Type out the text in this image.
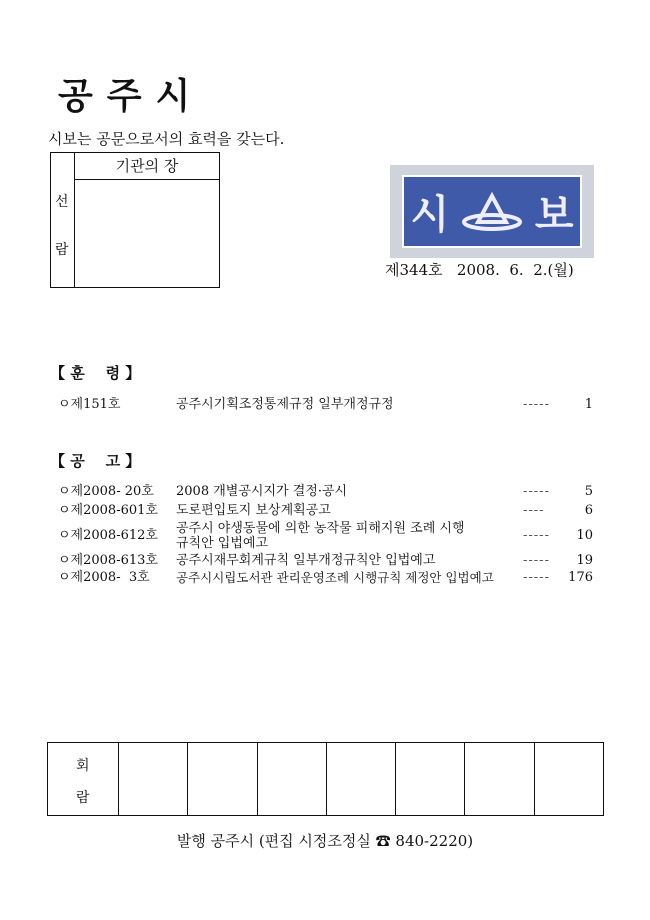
공주시
시보는 공문으로서의 효력을 갖는다.
선
람
기관의 장
시 보
제344호   2008.  6.  2.(월)
【 훈    령 】
ㅇ제151호	공주시기획조정통제규정 일부개정규정	-----	1
【 공    고 】
ㅇ제2008- 20호 2008 개별공시지가 결정·공시	-----	5
ㅇ제2008-601호 도로편입토지 보상계획공고	----	6
ㅇ제2008-612호 공주시 야생동물에 의한 농작물 피해지원 조례 시행규칙안 입법예고
----- 10
ㅇ제2008-613호 공주시재무회계규칙 일부개정규칙안 입법예고	----- 19
ㅇ제2008-  3호 공주시시립도서관 관리운영조례 시행규칙 제정안 입법예고	----- 176
회
람
발행 공주시 (편집 시정조정실 ☎ 840-2220)
